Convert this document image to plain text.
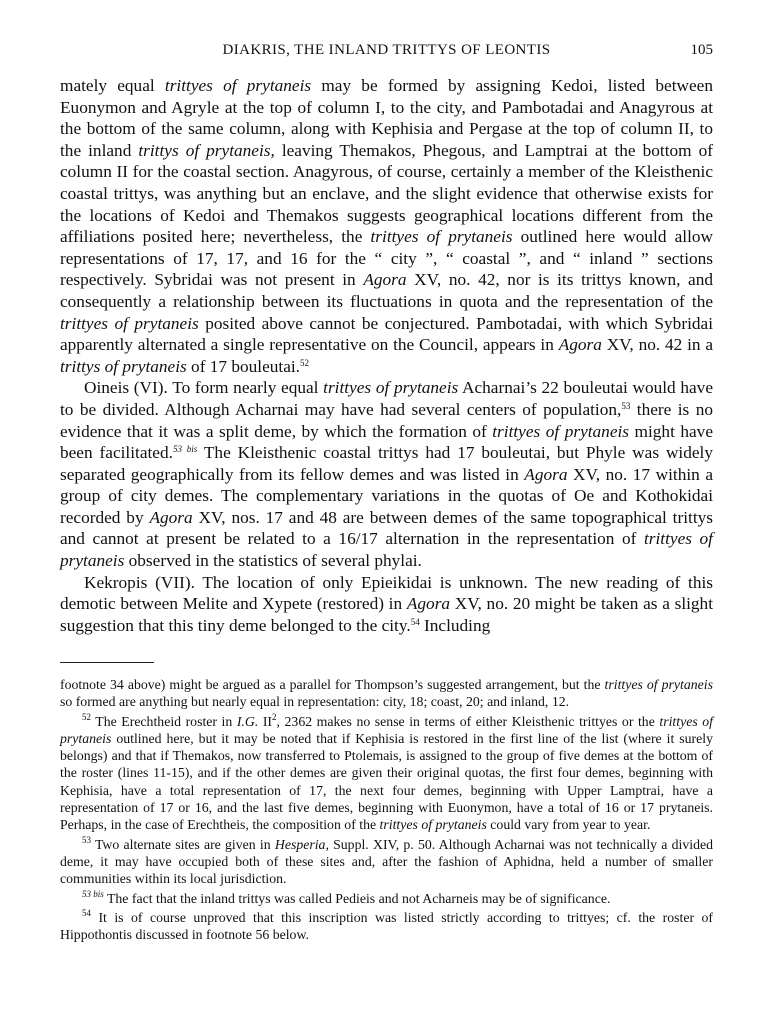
DIAKRIS, THE INLAND TRITTYS OF LEONTIS	105

mately equal trittyes of prytaneis may be formed by assigning Kedoi, listed between Euonymon and Agryle at the top of column I, to the city, and Pambotadai and Anagyrous at the bottom of the same column, along with Kephisia and Pergase at the top of column II, to the inland trittys of prytaneis, leaving Themakos, Phegous, and Lamptrai at the bottom of column II for the coastal section. Anagyrous, of course, certainly a member of the Kleisthenic coastal trittys, was anything but an enclave, and the slight evidence that otherwise exists for the locations of Kedoi and Themakos suggests geographical locations different from the affiliations posited here; nevertheless, the trittyes of prytaneis outlined here would allow representations of 17, 17, and 16 for the “ city ”, “ coastal ”, and “ inland ” sections respectively. Sybridai was not present in Agora XV, no. 42, nor is its trittys known, and consequently a relationship between its fluctuations in quota and the representation of the trittyes of prytaneis posited above cannot be conjectured. Pambotadai, with which Sybridai apparently alternated a single representative on the Council, appears in Agora XV, no. 42 in a trittys of prytaneis of 17 bouleutai.$^{52}$

Oineis (VI). To form nearly equal trittyes of prytaneis Acharnai’s 22 bouleutai would have to be divided. Although Acharnai may have had several centers of population,$^{53}$ there is no evidence that it was a split deme, by which the formation of trittyes of prytaneis might have been facilitated.$^{53 bis}$ The Kleisthenic coastal trittys had 17 bouleutai, but Phyle was widely separated geographically from its fellow demes and was listed in Agora XV, no. 17 within a group of city demes. The complementary variations in the quotas of Oe and Kothokidai recorded by Agora XV, nos. 17 and 48 are between demes of the same topographical trittys and cannot at present be related to a 16/17 alternation in the representation of trittyes of prytaneis observed in the statistics of several phylai.

Kekropis (VII). The location of only Epieikidai is unknown. The new reading of this demotic between Melite and Xypete (restored) in Agora XV, no. 20 might be taken as a slight suggestion that this tiny deme belonged to the city.$^{54}$ Including

footnote 34 above) might be argued as a parallel for Thompson’s suggested arrangement, but the trittyes of prytaneis so formed are anything but nearly equal in representation: city, 18; coast, 20; and inland, 12.

$^{52}$ The Erechtheid roster in I.G. $II^2$, 2362 makes no sense in terms of either Kleisthenic trittyes or the trittyes of prytaneis outlined here, but it may be noted that if Kephisia is restored in the first line of the list (where it surely belongs) and that if Themakos, now transferred to Ptolemais, is assigned to the group of five demes at the bottom of the roster (lines 11-15), and if the other demes are given their original quotas, the first four demes, beginning with Kephisia, have a total representation of 17, the next four demes, beginning with Upper Lamptrai, have a representation of 17 or 16, and the last five demes, beginning with Euonymon, have a total of 16 or 17 prytaneis. Perhaps, in the case of Erechtheis, the composition of the trittyes of prytaneis could vary from year to year.

$^{53}$ Two alternate sites are given in Hesperia, Suppl. XIV, p. 50. Although Acharnai was not technically a divided deme, it may have occupied both of these sites and, after the fashion of Aphidna, held a number of smaller communities within its local jurisdiction.

$^{53 bis}$ The fact that the inland trittys was called Pedieis and not Acharneis may be of significance.

$^{54}$ It is of course unproved that this inscription was listed strictly according to trittyes; cf. the roster of Hippothontis discussed in footnote 56 below.
